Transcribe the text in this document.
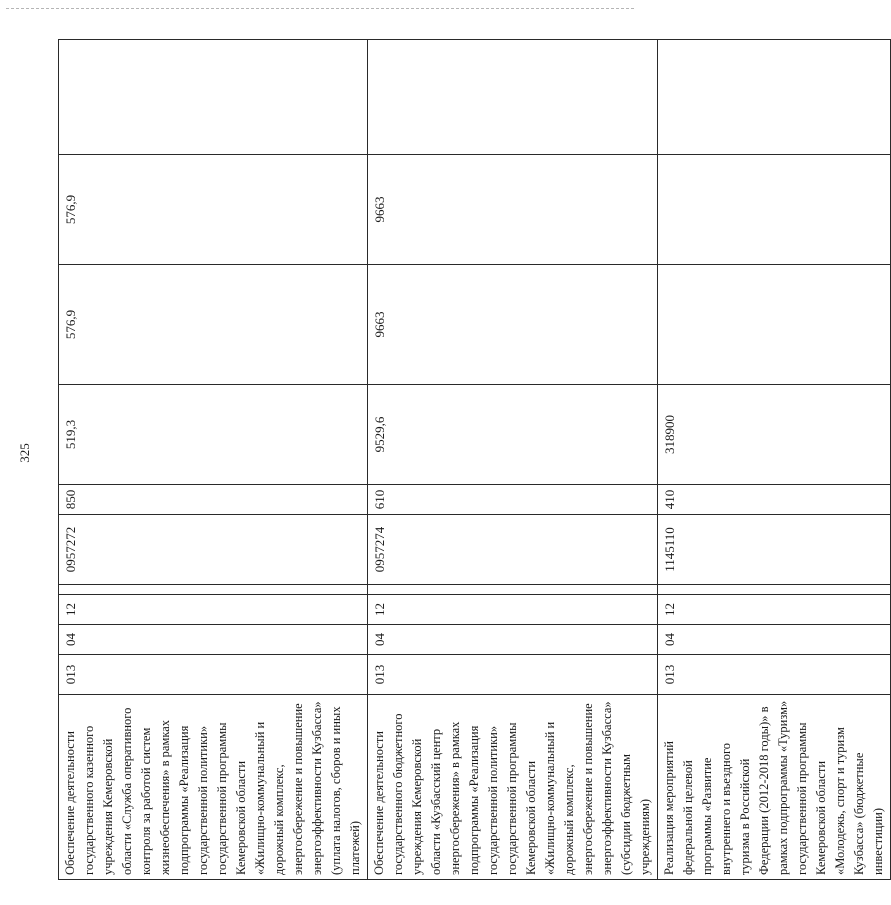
325
Обеспечение деятельности государственного казенного учреждения Кемеровской области «Служба оперативного контроля за работой систем жизнеобеспечения» в рамках подпрограммы «Реализация государственной политики» государственной программы Кемеровской области «Жилищно-коммунальный и дорожный комплекс, энергосбережение и повышение энергоэффективности Кузбасса» (уплата налогов, сборов и иных платежей)	013	04	12		0957272	850	519,3	576,9	576,9	
Обеспечение деятельности государственного бюджетного учреждения Кемеровской области «Кузбасский центр энергосбережения» в рамках подпрограммы «Реализация государственной политики» государственной программы Кемеровской области «Жилищно-коммунальный и дорожный комплекс, энергосбережение и повышение энергоэффективности Кузбасса» (субсидии бюджетным учреждениям)	013	04	12		0957274	610	9529,6	9663	9663	
Реализация мероприятий федеральной целевой программы «Развитие внутреннего и въездного туризма в Российской Федерации (2012-2018 годы)» в рамках подпрограммы «Туризм» государственной программы Кемеровской области «Молодежь, спорт и туризм Кузбасса» (бюджетные инвестиции)	013	04	12		1145110	410	318900			
